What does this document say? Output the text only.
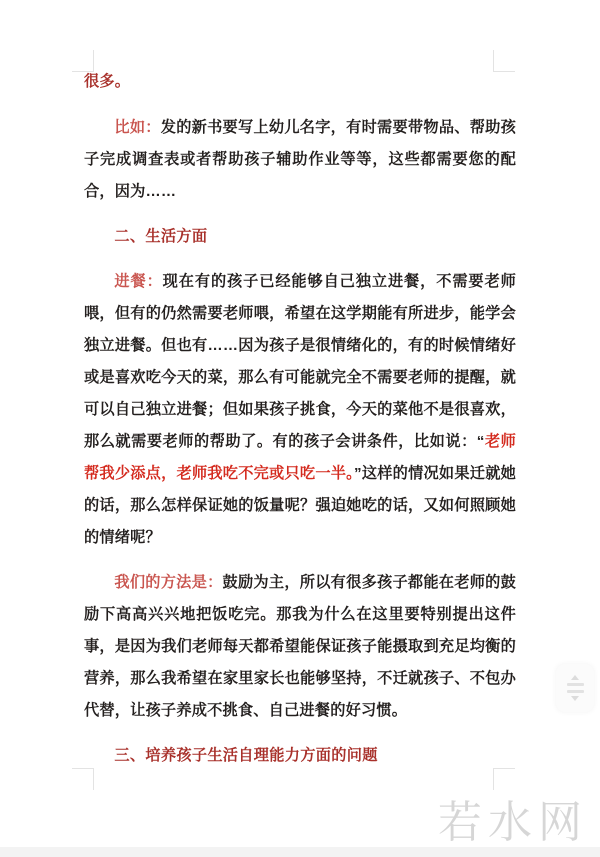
很多。

比如：发的新书要写上幼儿名字，有时需要带物品、帮助孩子完成调查表或者帮助孩子辅助作业等等，这些都需要您的配合，因为……

二、生活方面

进餐：现在有的孩子已经能够自己独立进餐，不需要老师喂，但有的仍然需要老师喂，希望在这学期能有所进步，能学会独立进餐。但也有……因为孩子是很情绪化的，有的时候情绪好或是喜欢吃今天的菜，那么有可能就完全不需要老师的提醒，就可以自己独立进餐；但如果孩子挑食，今天的菜他不是很喜欢，那么就需要老师的帮助了。有的孩子会讲条件，比如说：“老师帮我少添点，老师我吃不完或只吃一半。”这样的情况如果迁就她的话，那么怎样保证她的饭量呢？强迫她吃的话，又如何照顾她的情绪呢？

我们的方法是：鼓励为主，所以有很多孩子都能在老师的鼓励下高高兴兴地把饭吃完。那我为什么在这里要特别提出这件事，是因为我们老师每天都希望能保证孩子能摄取到充足均衡的营养，那么我希望在家里家长也能够坚持，不迁就孩子、不包办代替，让孩子养成不挑食、自己进餐的好习惯。

三、培养孩子生活自理能力方面的问题
若水网
